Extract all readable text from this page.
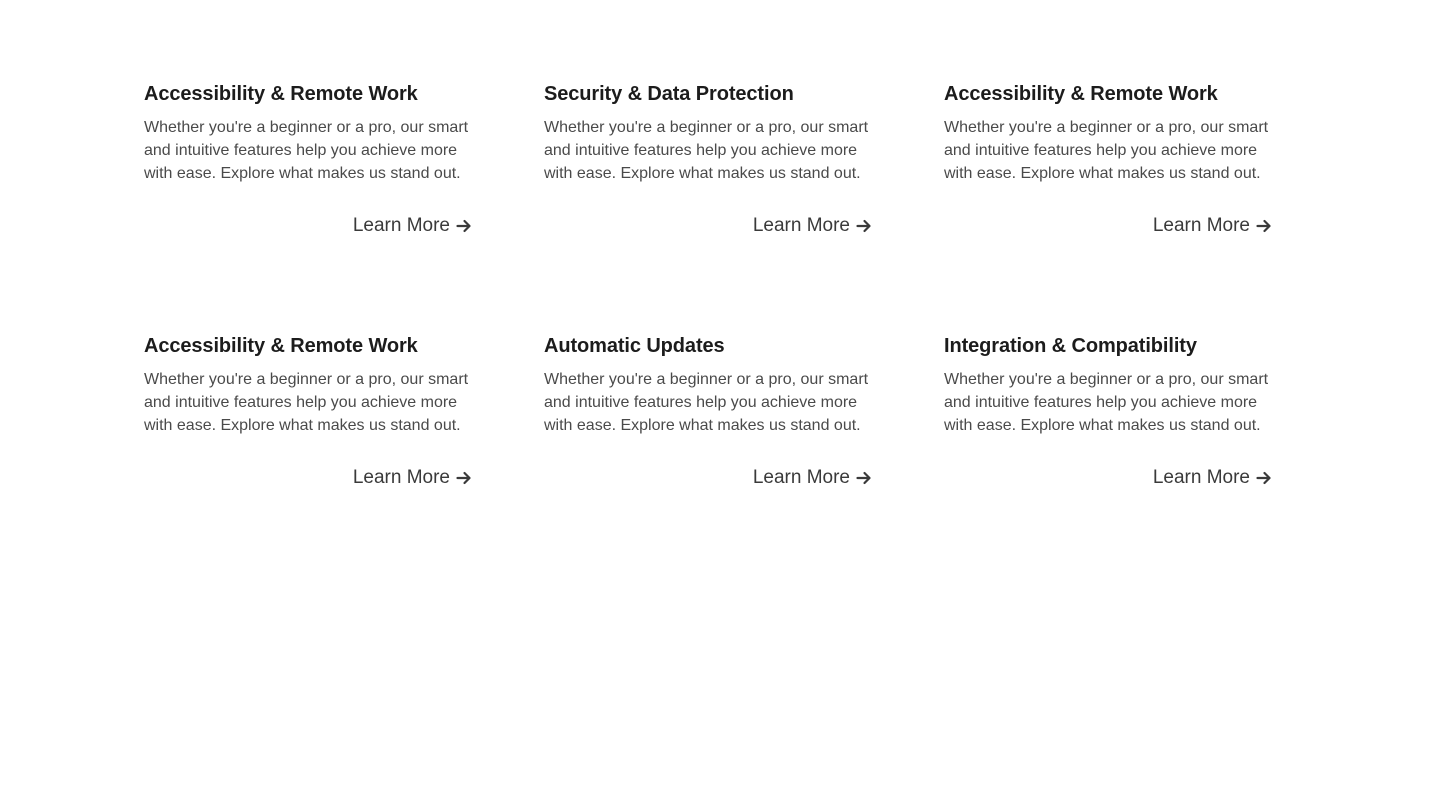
Accessibility & Remote Work

Whether you're a beginner or a pro, our smart and intuitive features help you achieve more with ease. Explore what makes us stand out.

Learn More
Security & Data Protection

Whether you're a beginner or a pro, our smart and intuitive features help you achieve more with ease. Explore what makes us stand out.

Learn More
Accessibility & Remote Work

Whether you're a beginner or a pro, our smart and intuitive features help you achieve more with ease. Explore what makes us stand out.

Learn More
Accessibility & Remote Work

Whether you're a beginner or a pro, our smart and intuitive features help you achieve more with ease. Explore what makes us stand out.

Learn More
Automatic Updates

Whether you're a beginner or a pro, our smart and intuitive features help you achieve more with ease. Explore what makes us stand out.

Learn More
Integration & Compatibility

Whether you're a beginner or a pro, our smart and intuitive features help you achieve more with ease. Explore what makes us stand out.

Learn More
